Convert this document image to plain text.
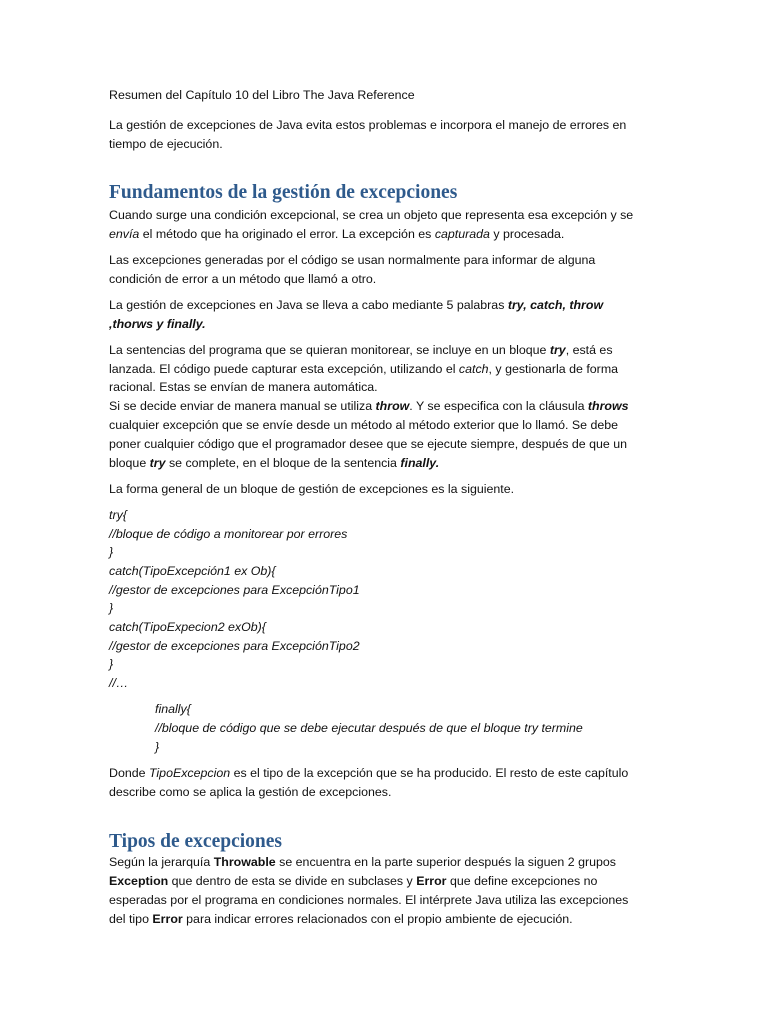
Resumen del Capítulo 10 del Libro The Java Reference

La gestión de excepciones de Java evita estos problemas e incorpora el manejo de errores en

tiempo de ejecución.

Fundamentos de la gestión de excepciones

Cuando surge una condición excepcional, se crea un objeto que representa esa excepción y se

envía el método que ha originado el error. La excepción es capturada y procesada.

Las excepciones generadas por el código se usan normalmente para informar de alguna

condición de error a un método que llamó a otro.

La gestión de excepciones en Java se lleva a cabo mediante 5 palabras try, catch, throw

,thorws y finally.

La sentencias del programa que se quieran monitorear, se incluye en un bloque try, está es

lanzada. El código puede capturar esta excepción, utilizando el catch, y gestionarla de forma

racional. Estas se envían de manera automática.

Si se decide enviar de manera manual se utiliza throw. Y se especifica con la cláusula throws

cualquier excepción que se envíe desde un método al método exterior que lo llamó. Se debe

poner cualquier código que el programador desee que se ejecute siempre, después de que un

bloque try se complete, en el bloque de la sentencia finally.

La forma general de un bloque de gestión de excepciones es la siguiente.

try{

//bloque de código a monitorear por errores

}

catch(TipoExcepción1 ex Ob){

//gestor de excepciones para ExcepciónTipo1

}

catch(TipoExpecion2 exOb){

//gestor de excepciones para ExcepciónTipo2

}

//…

finally{

//bloque de código que se debe ejecutar después de que el bloque try termine

}

Donde TipoExcepcion es el tipo de la excepción que se ha producido. El resto de este capítulo

describe como se aplica la gestión de excepciones.

Tipos de excepciones

Según la jerarquía Throwable se encuentra en la parte superior después la siguen 2 grupos

Exception que dentro de esta se divide en subclases y Error que define excepciones no

esperadas por el programa en condiciones normales. El intérprete Java utiliza las excepciones

del tipo Error para indicar errores relacionados con el propio ambiente de ejecución.
